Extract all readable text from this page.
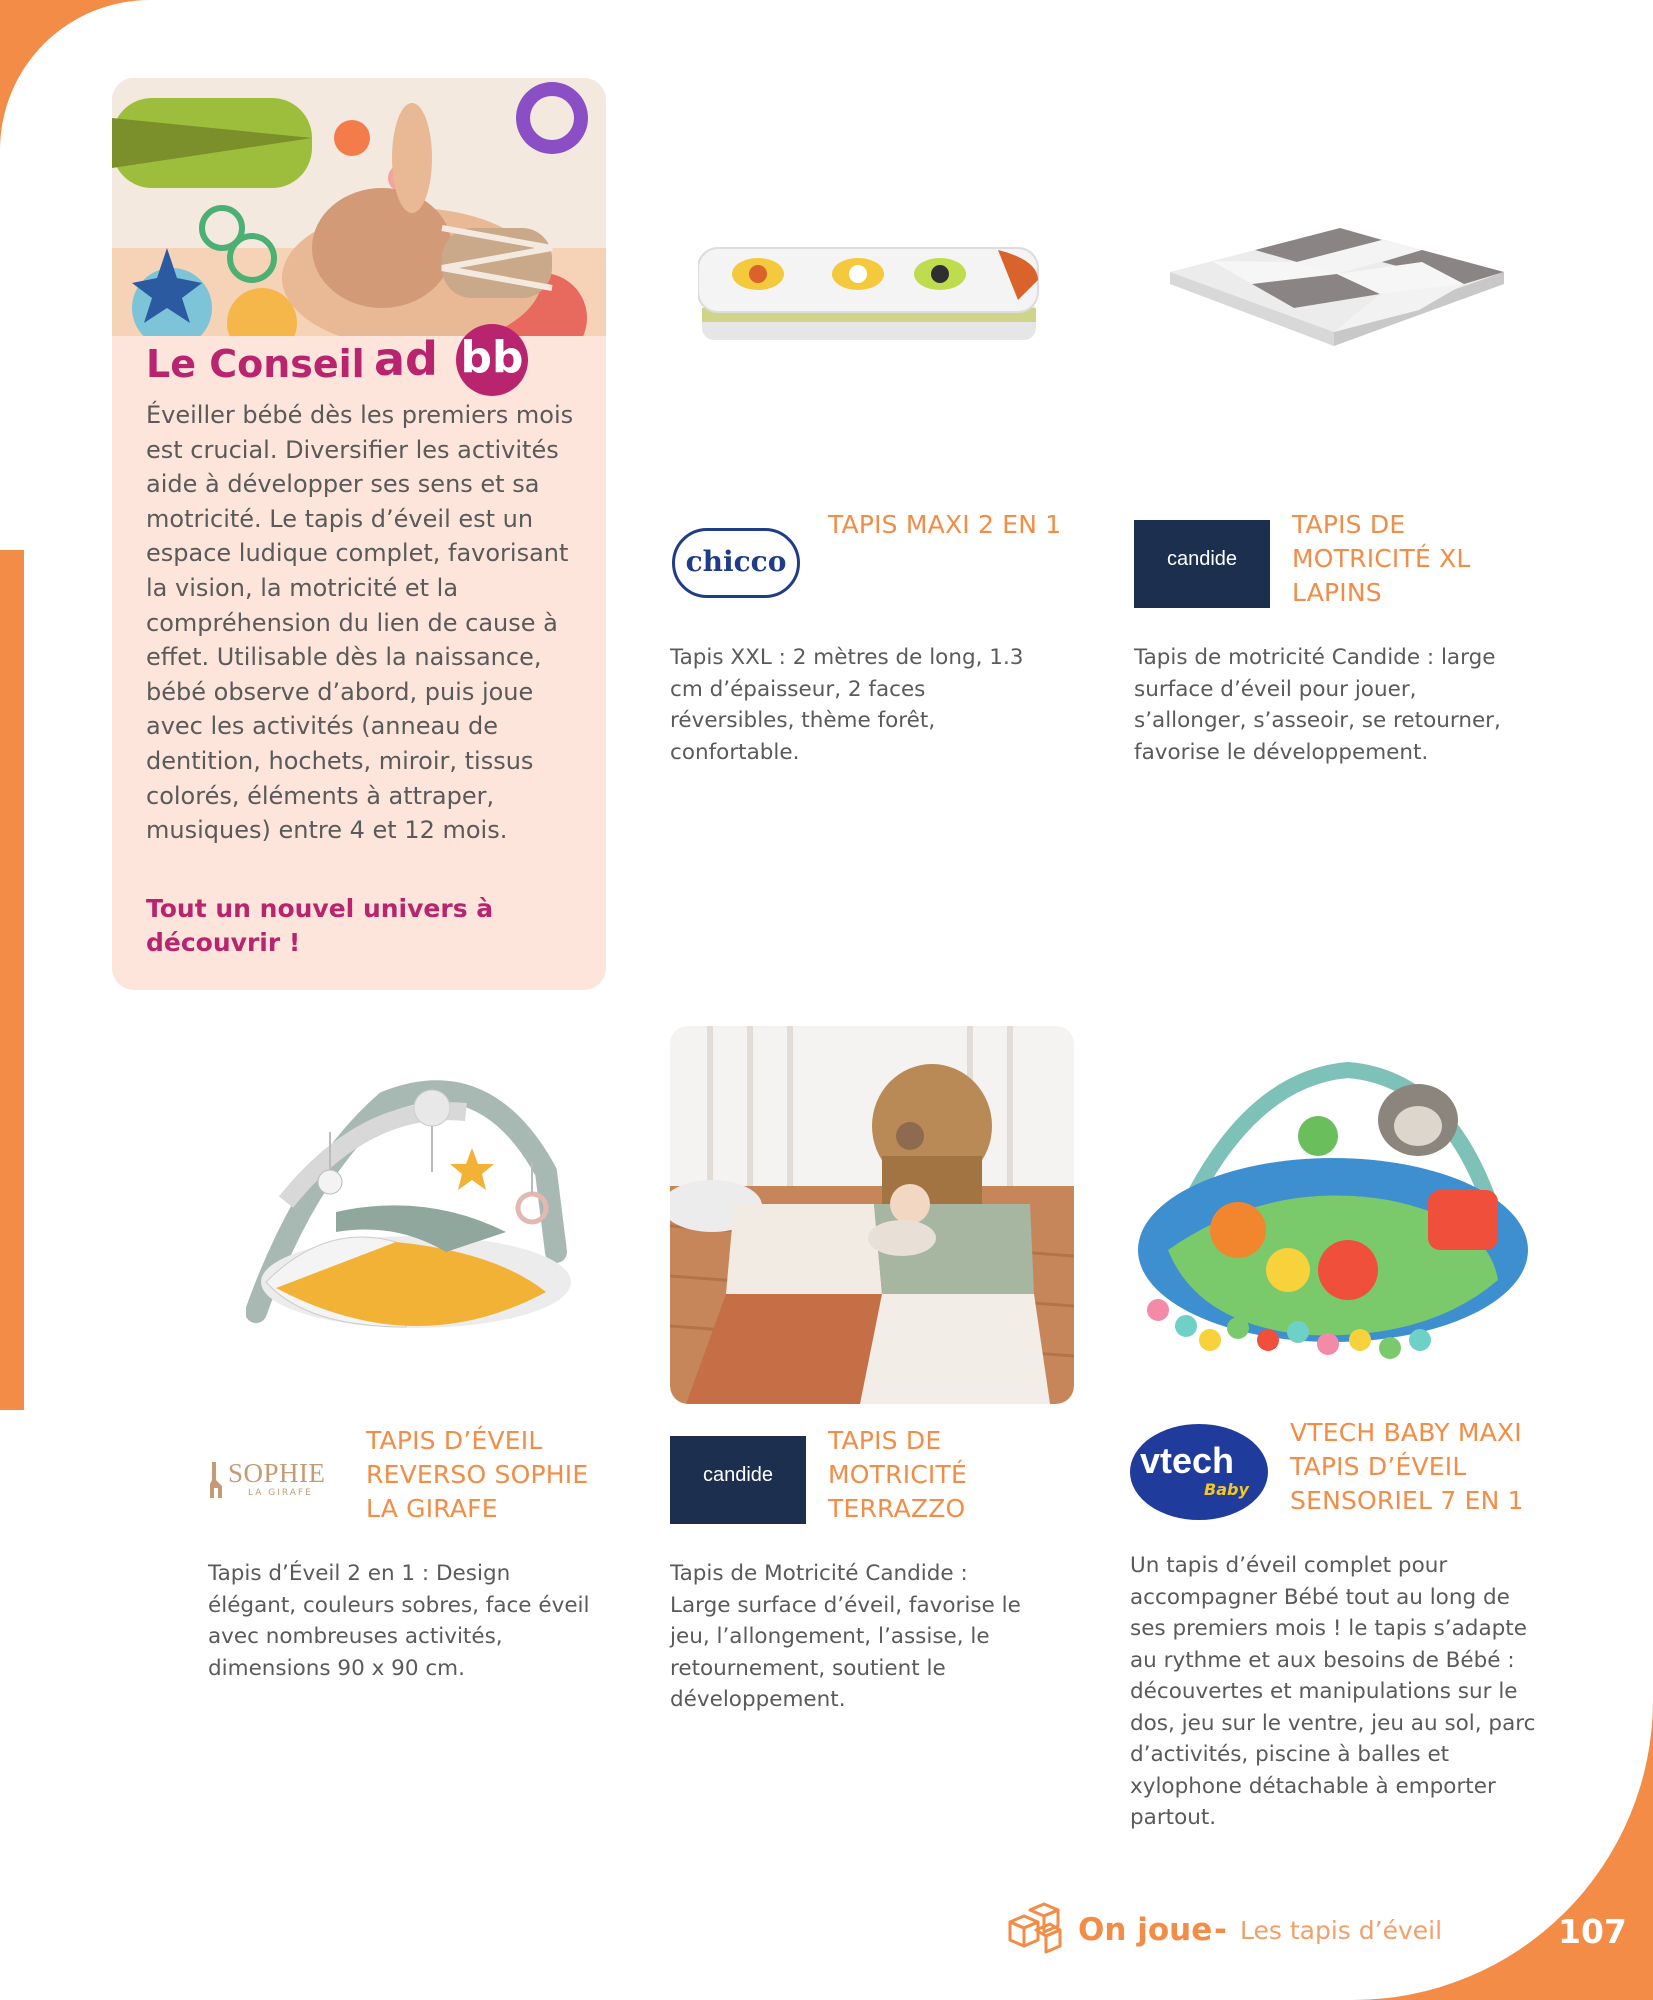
Le Conseil ad bb
Éveiller bébé dès les premiers mois est crucial. Diversifier les activités aide à développer ses sens et sa motricité. Le tapis d’éveil est un espace ludique complet, favorisant la vision, la motricité et la compréhension du lien de cause à effet. Utilisable dès la naissance, bébé observe d’abord, puis joue avec les activités (anneau de dentition, hochets, miroir, tissus colorés, éléments à attraper, musiques) entre 4 et 12 mois.
Tout un nouvel univers à découvrir !
chicco
TAPIS MAXI 2 EN 1
Tapis XXL : 2 mètres de long, 1.3 cm d’épaisseur, 2 faces réversibles, thème forêt, confortable.
candide
TAPIS DE MOTRICITÉ XL LAPINS
Tapis de motricité Candide : large surface d’éveil pour jouer, s’allonger, s’asseoir, se retourner, favorise le développement.
SOPHIE
LA GIRAFE
TAPIS D’ÉVEIL REVERSO SOPHIE LA GIRAFE
Tapis d’Éveil 2 en 1 : Design élégant, couleurs sobres, face éveil avec nombreuses activités, dimensions 90 x 90 cm.
candide
TAPIS DE MOTRICITÉ TERRAZZO
Tapis de Motricité Candide : Large surface d’éveil, favorise le jeu, l’allongement, l’assise, le retournement, soutient le développement.
vtech
Baby
VTECH BABY MAXI TAPIS D’ÉVEIL SENSORIEL 7 EN 1
Un tapis d’éveil complet pour accompagner Bébé tout au long de ses premiers mois ! le tapis s’adapte au rythme et aux besoins de Bébé : découvertes et manipulations sur le dos, jeu sur le ventre, jeu au sol, parc d’activités, piscine à balles et xylophone détachable à emporter partout.
On joue - Les tapis d’éveil	107
